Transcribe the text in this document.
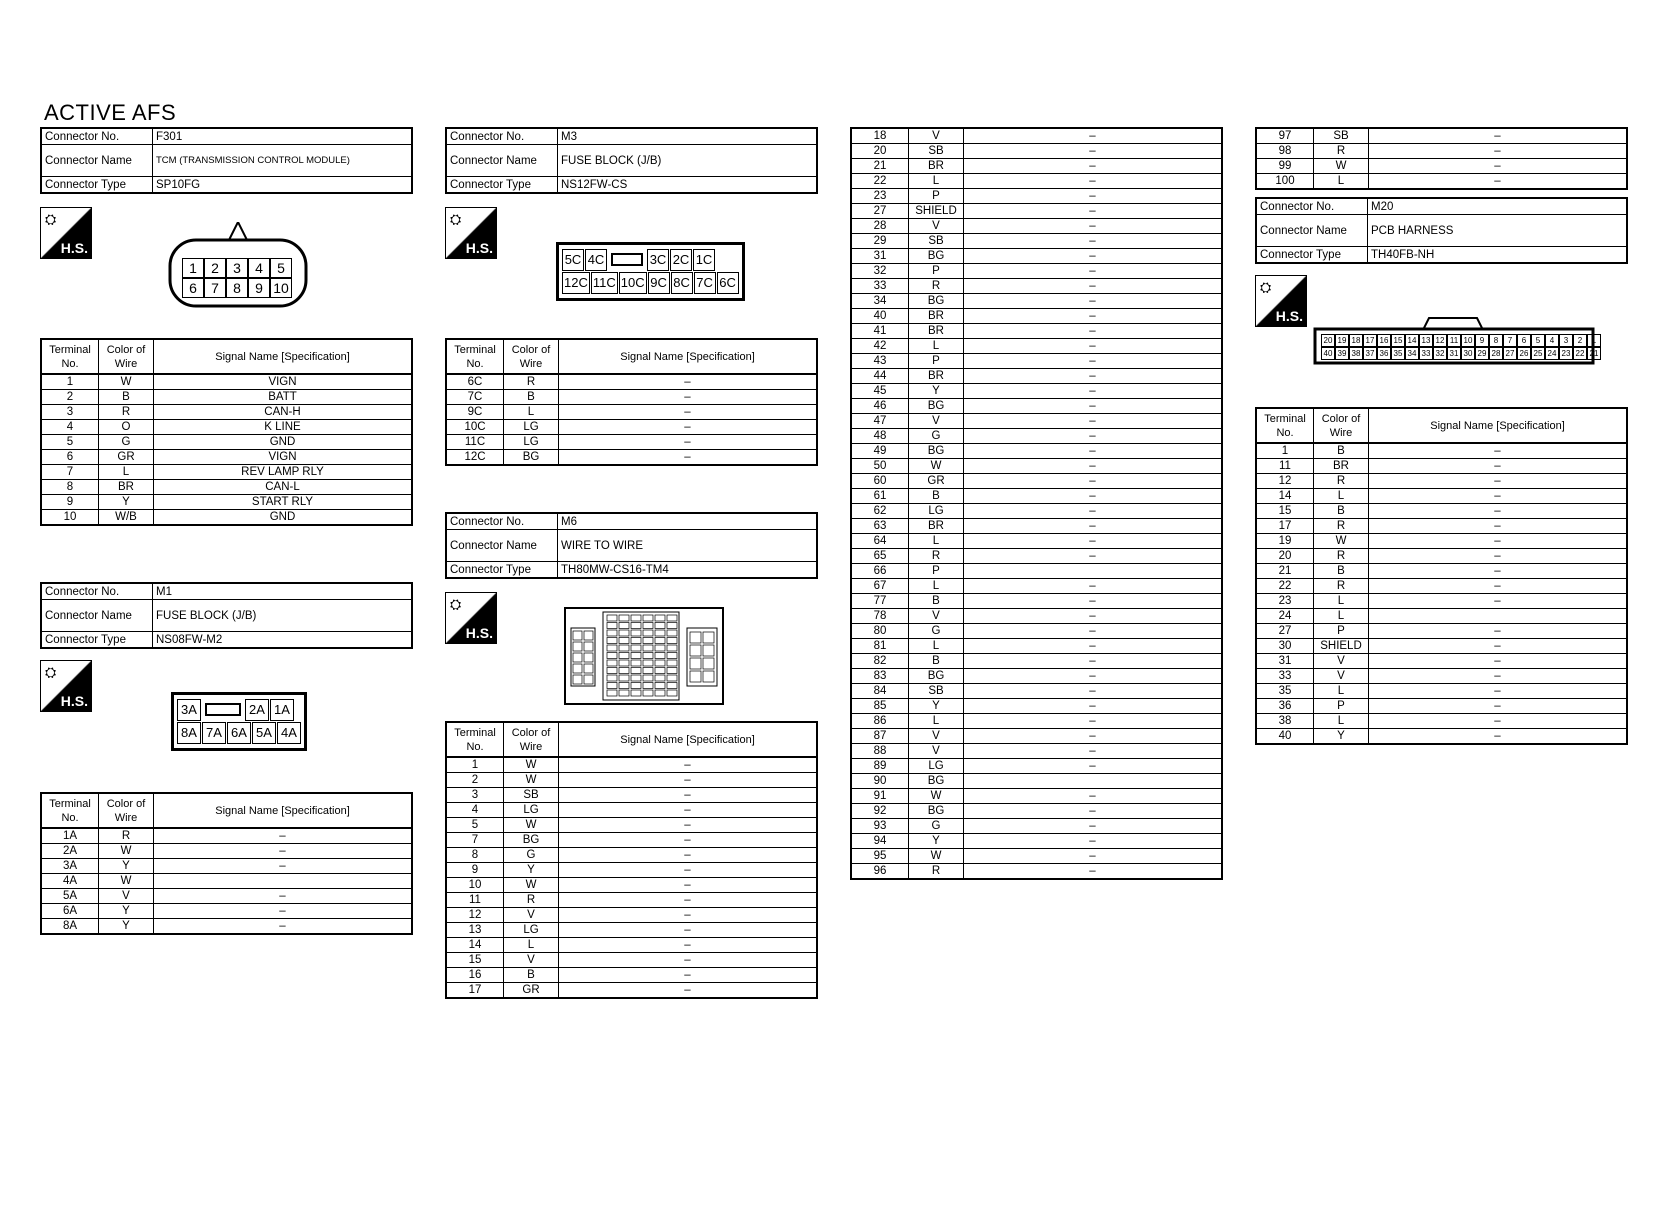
ACTIVE AFS
Connector No.	F301
Connector Name	TCM (TRANSMISSION CONTROL MODULE)
Connector Type	SP10FG
⛭
H.S.
1	2	3	4	5
6	7	8	9 10
Terminal No.	Color of Wire	Signal Name [Specification]
1	W	VIGN
2	B	BATT
3	R	CAN-H
4	O	K LINE
5	G	GND
6	GR	VIGN
7	L	REV LAMP RLY
8	BR	CAN-L
9	Y	START RLY
10	W/B	GND
Connector No.	M1
Connector Name	FUSE BLOCK (J/B)
Connector Type	NS08FW-M2
⛭
H.S.
3A	2A 1A
8A 7A 6A 5A 4A
Terminal No.	Color of Wire	Signal Name [Specification]
1A	R	–
2A	W	–
3A	Y	–
4A	W	
5A	V	–
6A	Y	–
8A	Y	–
Connector No.	M3
Connector Name	FUSE BLOCK (J/B)
Connector Type	NS12FW-CS
⛭
H.S.
5C 4C	3C 2C 1C
12C 11C 10C 9C 8C 7C 6C
Terminal No.	Color of Wire	Signal Name [Specification]
6C	R	–
7C	B	–
9C	L	–
10C	LG	–
11C	LG	–
12C	BG	–
Connector No.	M6
Connector Name	WIRE TO WIRE
Connector Type	TH80MW-CS16-TM4
⛭
H.S.
Terminal No.	Color of Wire	Signal Name [Specification]
1	W	–
2	W	–
3	SB	–
4	LG	–
5	W	–
7	BG	–
8	G	–
9	Y	–
10	W	–
11	R	–
12	V	–
13	LG	–
14	L	–
15	V	–
16	B	–
17	GR	–
18	V	–
20	SB	–
21	BR	–
22	L	–
23	P	–
27	SHIELD	–
28	V	–
29	SB	–
31	BG	–
32	P	–
33	R	–
34	BG	–
40	BR	–
41	BR	–
42	L	–
43	P	–
44	BR	–
45	Y	–
46	BG	–
47	V	–
48	G	–
49	BG	–
50	W	–
60	GR	–
61	B	–
62	LG	–
63	BR	–
64	L	–
65	R	–
66	P	
67	L	–
77	B	–
78	V	–
80	G	–
81	L	–
82	B	–
83	BG	–
84	SB	–
85	Y	–
86	L	–
87	V	–
88	V	–
89	LG	–
90	BG	
91	W	–
92	BG	–
93	G	–
94	Y	–
95	W	–
96	R	–
97	SB	–
98	R	–
99	W	–
100	L	–
Connector No.	M20
Connector Name	PCB HARNESS
Connector Type	TH40FB-NH
⛭
H.S.
20 19 18 17 16 15 14 13 12 11 10 9	8	7	6	5	4	3	2	1
40 39 38 37 36 35 34 33 32 31 30 29 28 27 26 25 24 23 22 21
Terminal No.	Color of Wire	Signal Name [Specification]
1	B	–
11	BR	–
12	R	–
14	L	–
15	B	–
17	R	–
19	W	–
20	R	–
21	B	–
22	R	–
23	L	–
24	L	
27	P	–
30	SHIELD	–
31	V	–
33	V	–
35	L	–
36	P	–
38	L	–
40	Y	–
